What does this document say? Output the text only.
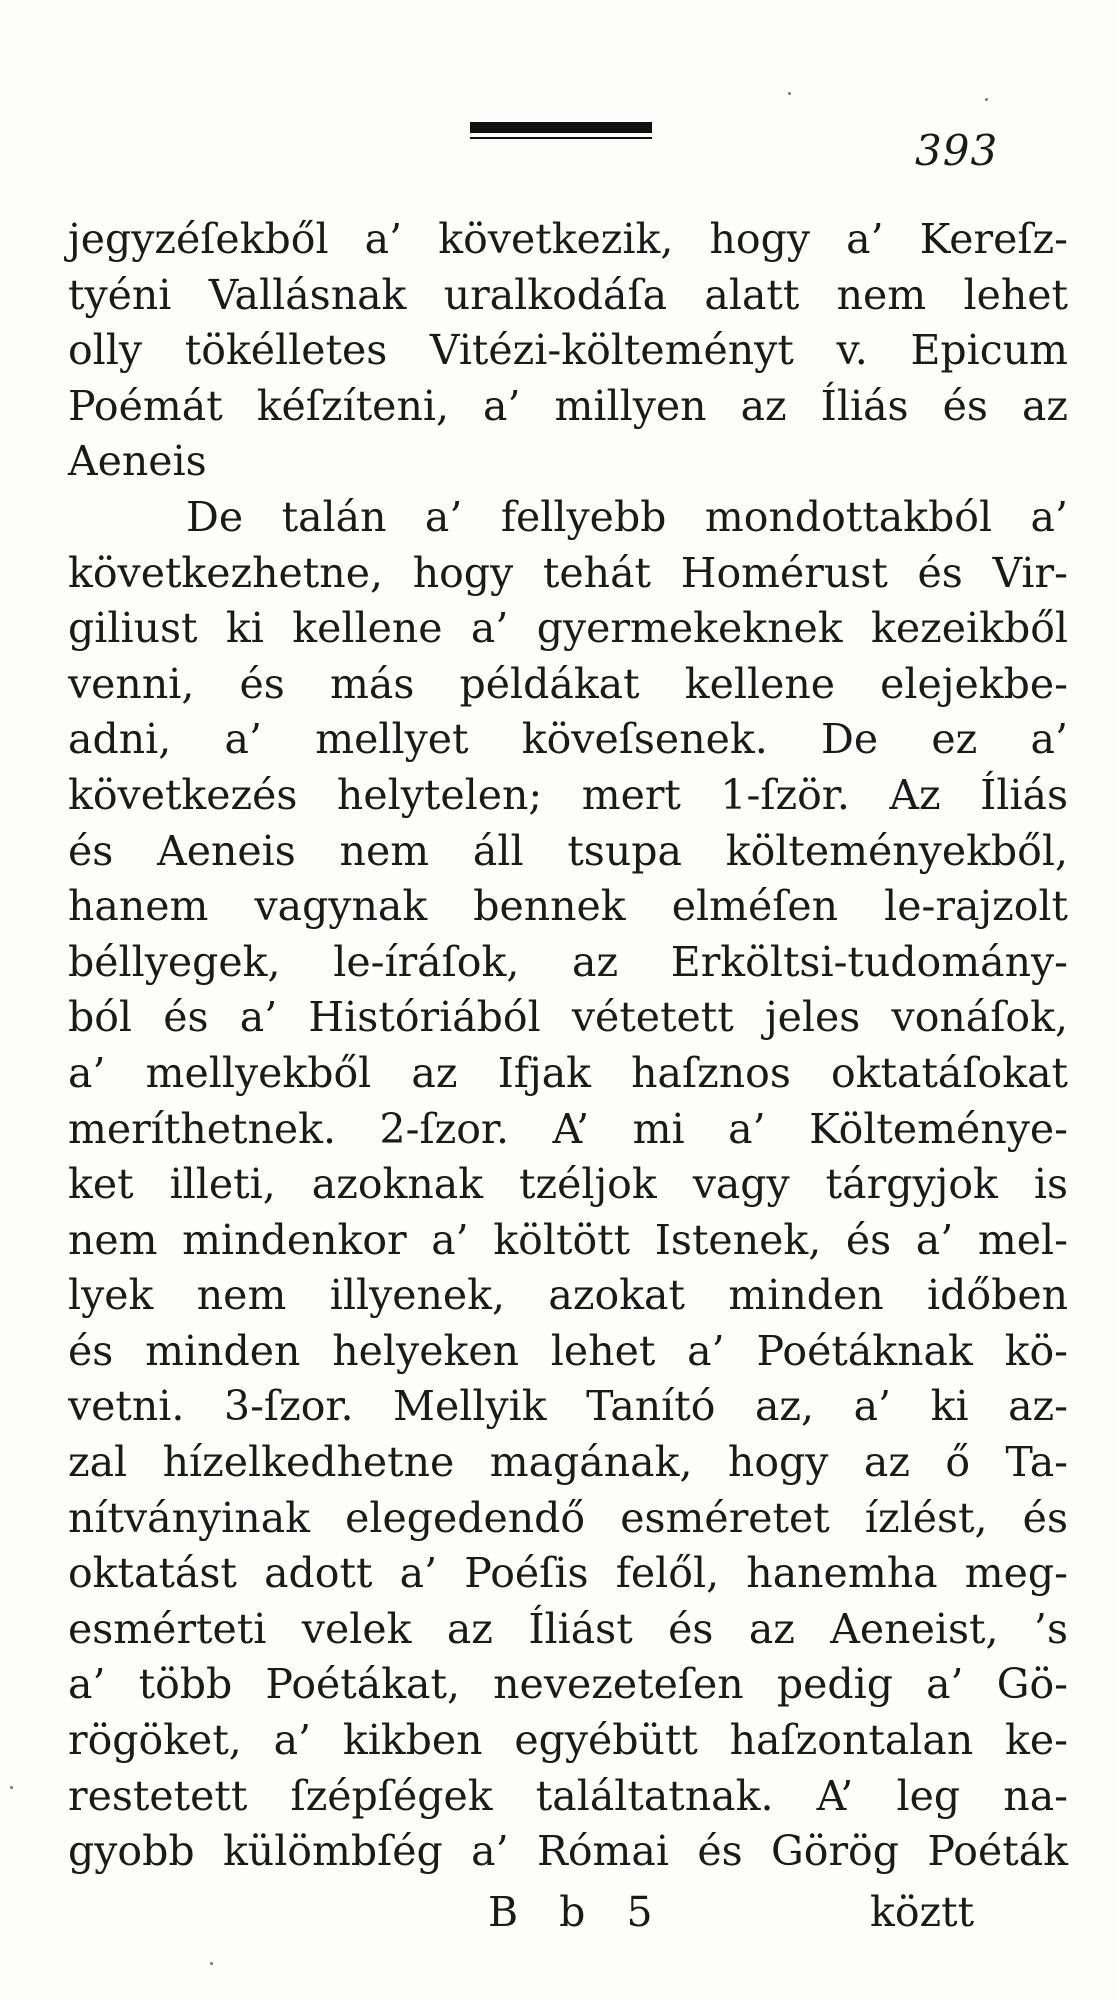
393
jegyzéſekből a’ következik, hogy a’ Kereſz-
tyéni Vallásnak uralkodáſa alatt nem lehet
olly tökélletes Vitézi-költeményt v. Epicum
Poémát kéſzíteni, a’ millyen az Íliás és az
Aeneis
De talán a’ fellyebb mondottakból a’
következhetne, hogy tehát Homérust és Vir-
giliust ki kellene a’ gyermekeknek kezeikből
venni, és más példákat kellene elejekbe-
adni, a’ mellyet köveſsenek. De ez a’
következés helytelen; mert 1-ſzör. Az Íliás
és Aeneis nem áll tsupa költeményekből,
hanem vagynak bennek elméſen le-rajzolt
béllyegek, le-íráſok, az Erköltsi-tudomány-
ból és a’ Históriából vétetett jeles vonáſok,
a’ mellyekből az Ifjak haſznos oktatáſokat
meríthetnek. 2-ſzor. A’ mi a’ Költeménye-
ket illeti, azoknak tzéljok vagy tárgyjok is
nem mindenkor a’ költött Istenek, és a’ mel-
lyek nem illyenek, azokat minden időben
és minden helyeken lehet a’ Poétáknak kö-
vetni. 3-ſzor. Mellyik Tanító az, a’ ki az-
zal hízelkedhetne magának, hogy az ő Ta-
nítványinak elegedendő esméretet ízlést, és
oktatást adott a’ Poéſis felől, hanemha meg-
esmérteti velek az Íliást és az Aeneist, ’s
a’ több Poétákat, nevezeteſen pedig a’ Gö-
rögöket, a’ kikben egyébütt haſzontalan ke-
restetett ſzépſégek találtatnak. A’ leg na-
gyobb külömbſég a’ Római és Görög Poéták
B b 5	köztt
